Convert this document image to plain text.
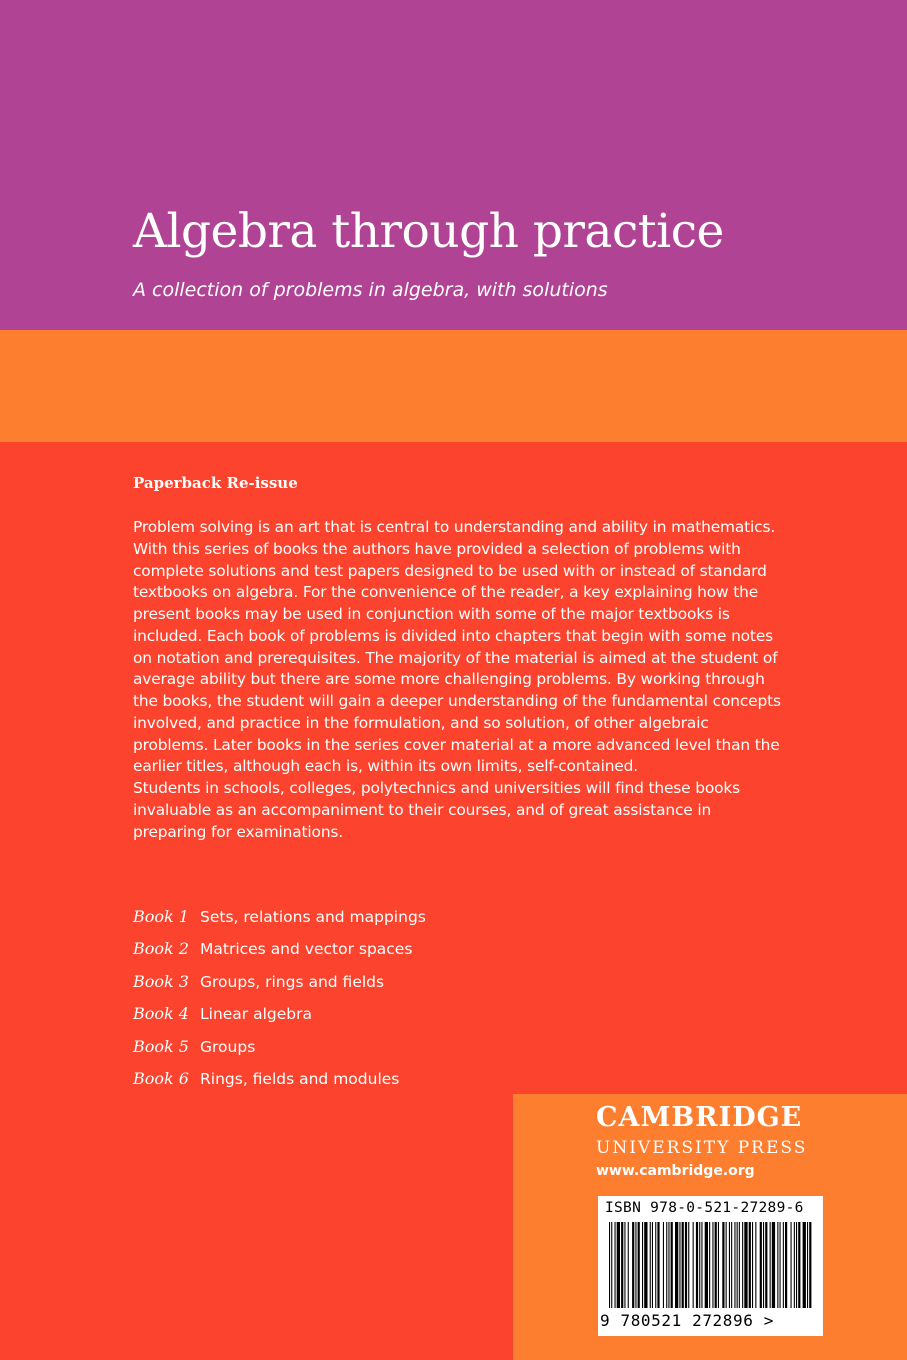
Algebra through practice
A collection of problems in algebra, with solutions
Paperback Re-issue

Problem solving is an art that is central to understanding and ability in mathematics. With this series of books the authors have provided a selection of problems with complete solutions and test papers designed to be used with or instead of standard textbooks on algebra. For the convenience of the reader, a key explaining how the present books may be used in conjunction with some of the major textbooks is included. Each book of problems is divided into chapters that begin with some notes on notation and prerequisites. The majority of the material is aimed at the student of average ability but there are some more challenging problems. By working through the books, the student will gain a deeper understanding of the fundamental concepts involved, and practice in the formulation, and so solution, of other algebraic problems. Later books in the series cover material at a more advanced level than the earlier titles, although each is, within its own limits, self-contained.

Students in schools, colleges, polytechnics and universities will find these books invaluable as an accompaniment to their courses, and of great assistance in preparing for examinations.

Book 1 Sets, relations and mappings
Book 2 Matrices and vector spaces
Book 3 Groups, rings and fields
Book 4 Linear algebra
Book 5 Groups
Book 6 Rings, fields and modules
CAMBRIDGE
UNIVERSITY PRESS
www.cambridge.org
ISBN 978-0-521-27289-6
9 780521 272896 >
